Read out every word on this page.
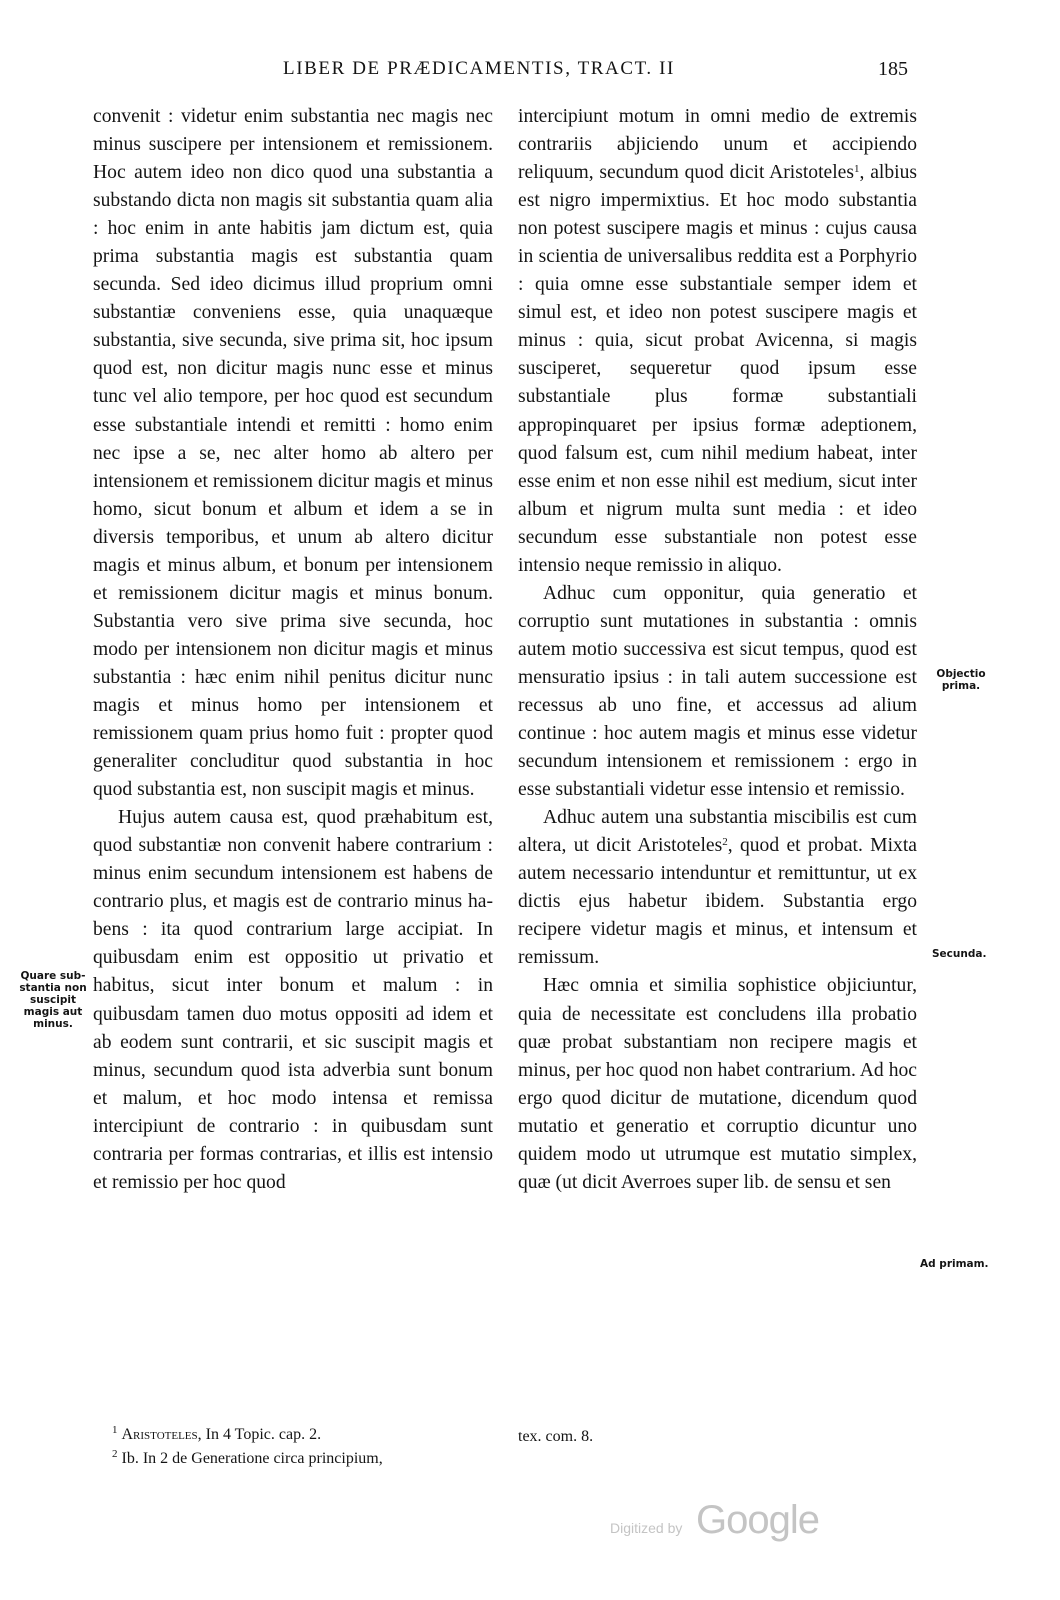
LIBER DE PRÆDICAMENTIS, TRACT. II	185

convenit : videtur enim substantia nec magis nec minus suscipere per intensionem et remissionem. Hoc autem ideo non dico quod una substantia a substando dicta non magis sit substantia quam alia : hoc enim in ante habitis jam dictum est, quia prima substantia magis est substantia quam secunda. Sed ideo dicimus illud proprium omni substantiæ conveniens esse, quia unaquæque substantia, sive secunda, sive prima sit, hoc ipsum quod est, non dicitur magis nunc esse et minus tunc vel alio tempore, per hoc quod est secundum esse substantiale intendi et remitti : homo enim nec ipse a se, nec alter homo ab altero per intensionem et remissionem dicitur magis et minus homo, sicut bonum et album et idem a se in diversis temporibus, et unum ab altero dicitur magis et minus album, et bonum per intensionem et remissionem dicitur magis et minus bonum. Substantia vero sive prima sive secunda, hoc modo per intensionem non dicitur magis et minus substantia : hæc enim nihil penitus dicitur nunc magis et minus homo per intensionem et remissionem quam prius homo fuit : propter quod generaliter concluditur quod substantia in hoc quod substantia est, non suscipit magis et minus.

Hujus autem causa est, quod præhabitum est, quod substantiæ non convenit habere contrarium : minus enim secundum intensionem est habens de contrario plus, et magis est de contrario minus habens : ita quod contrarium large accipiat. In quibusdam enim est oppositio ut privatio et habitus, sicut inter bonum et malum : in quibusdam tamen duo motus oppositi ad idem et ab eodem sunt contrarii, et sic suscipit magis et minus, secundum quod ista adverbia sunt bonum et malum, et hoc modo intensa et remissa intercipiunt de contrario : in quibusdam sunt contraria per formas contrarias, et illis est intensio et remissio per hoc quod

intercipiunt motum in omni medio de extremis contrariis abjiciendo unum et accipiendo reliquum, secundum quod dicit Aristoteles$^1$, albius est nigro impermixtius. Et hoc modo substantia non potest suscipere magis et minus : cujus causa in scientia de universalibus reddita est a Porphyrio : quia omne esse substantiale semper idem et simul est, et ideo non potest suscipere magis et minus : quia, sicut probat Avicenna, si magis susciperet, sequeretur quod ipsum esse substantiale plus formæ substantiali appropinquaret per ipsius formæ adeptionem, quod falsum est, cum nihil medium habeat, inter esse enim et non esse nihil est medium, sicut inter album et nigrum multa sunt media : et ideo secundum esse substantiale non potest esse intensio neque remissio in aliquo.

Adhuc cum opponitur, quia generatio et corruptio sunt mutationes in substantia : omnis autem motio successiva est sicut tempus, quod est mensuratio ipsius : in tali autem successione est recessus ab uno fine, et accessus ad alium continue : hoc autem magis et minus esse videtur secundum intensionem et remissionem : ergo in esse substantiali videtur esse intensio et remissio.

Adhuc autem una substantia miscibilis est cum altera, ut dicit Aristoteles$^2$, quod et probat. Mixta autem necessario intenduntur et remittuntur, ut ex dictis ejus habetur ibidem. Substantia ergo recipere videtur magis et minus, et intensum et remissum.

Hæc omnia et similia sophistice objiciuntur, quia de necessitate est concludens illa probatio quæ probat substantiam non recipere magis et minus, per hoc quod non habet contrarium. Ad hoc ergo quod dicitur de mutatione, dicendum quod mutatio et generatio et corruptio dicuntur uno quidem modo ut utrumque est mutatio simplex, quæ (ut dicit Averroes super lib. de sensu et sen

$^1$ Aristoteles, In 4 Topic. cap. 2.
$^2$ Ib. In 2 de Generatione circa principium,
tex. com. 8.
Quare substantia non suscipit magis aut minus.
Objectio prima.
Secunda.
Ad primam.
Digitized by Google
